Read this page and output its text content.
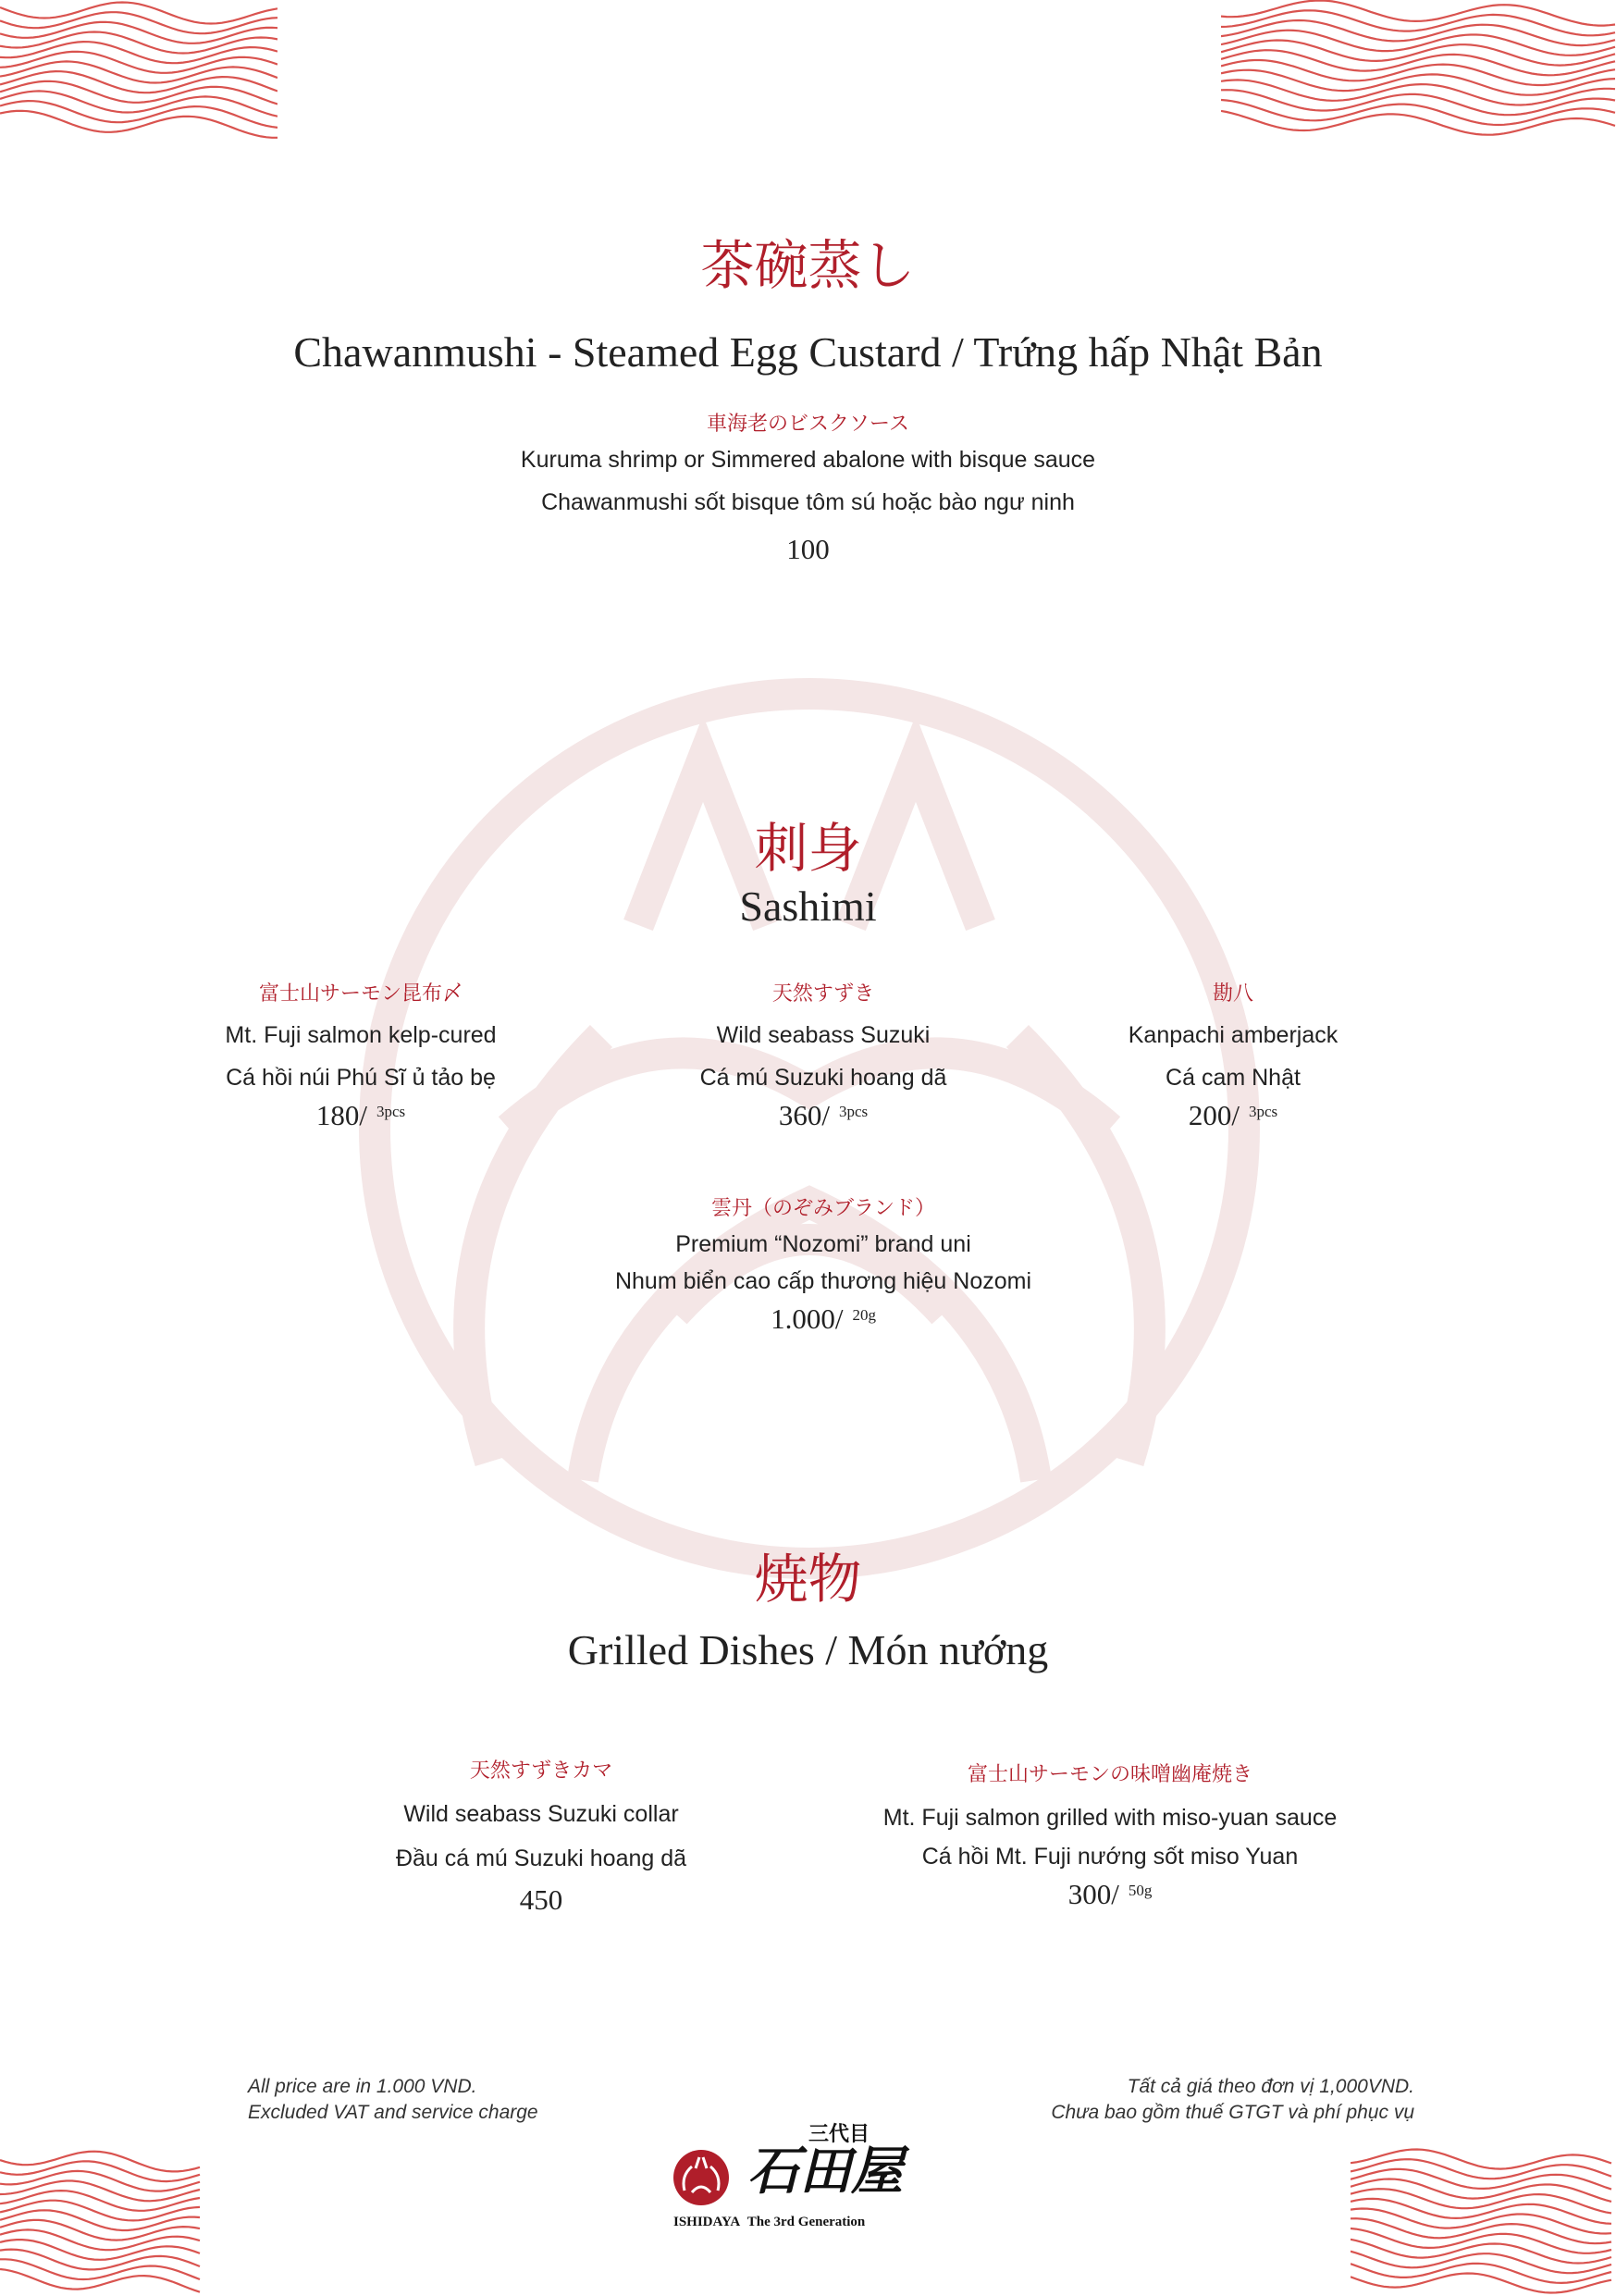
茶碗蒸し
Chawanmushi - Steamed Egg Custard / Trứng hấp Nhật Bản
車海老のビスクソース
Kuruma shrimp or Simmered abalone with bisque sauce
Chawanmushi sốt bisque tôm sú hoặc bào ngư ninh
100
刺身
Sashimi
富士山サーモン昆布〆
Mt. Fuji salmon kelp-cured
Cá hồi núi Phú Sĩ ủ tảo bẹ
180/ $^{3pcs}$
天然すずき
Wild seabass Suzuki
Cá mú Suzuki hoang dã
360/ $^{3pcs}$
勘八
Kanpachi amberjack
Cá cam Nhật
200/ $^{3pcs}$
雲丹（のぞみブランド）
Premium “Nozomi” brand uni
Nhum biển cao cấp thương hiệu Nozomi
1.000/ $^{20g}$
焼物
Grilled Dishes / Món nướng
天然すずきカマ
Wild seabass Suzuki collar
Đầu cá mú Suzuki hoang dã
450
富士山サーモンの味噌幽庵焼き
Mt. Fuji salmon grilled with miso-yuan sauce
Cá hồi Mt. Fuji nướng sốt miso Yuan
300/ $^{50g}$
All price are in 1.000 VND.
Excluded VAT and service charge
Tất cả giá theo đơn vị 1,000VND.
Chưa bao gồm thuế GTGT và phí phục vụ
三代目
石田屋
ISHIDAYA The 3rd Generation
